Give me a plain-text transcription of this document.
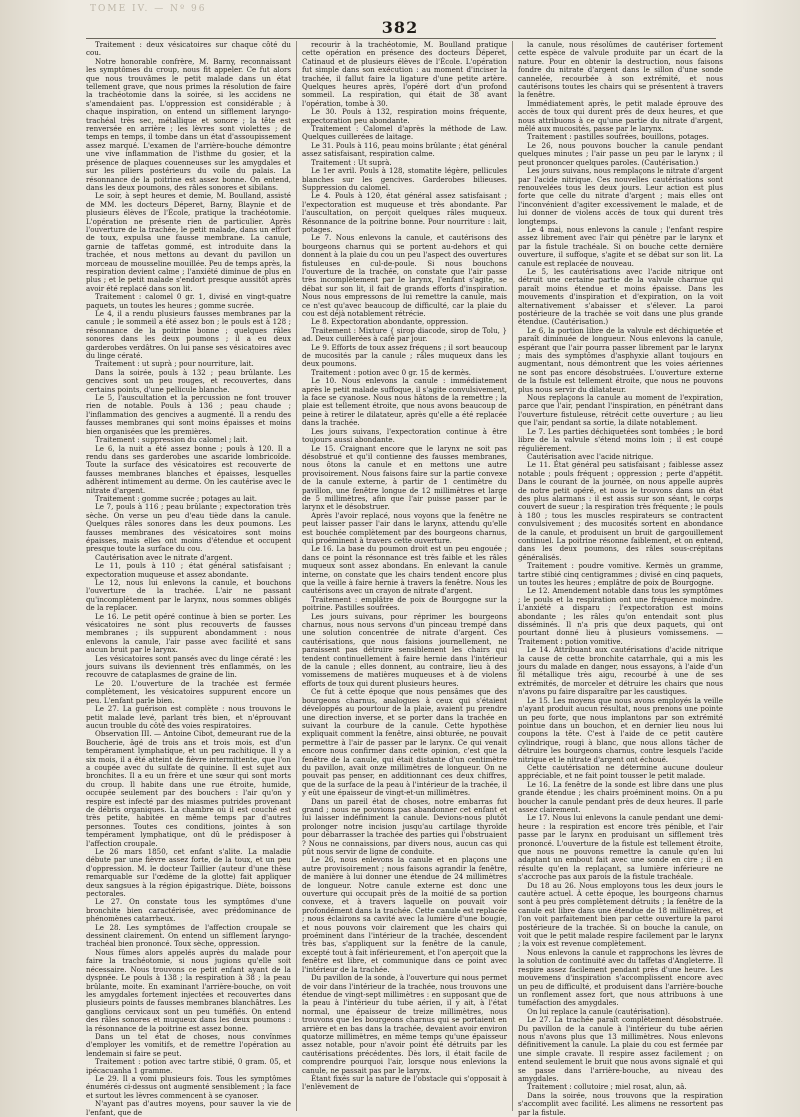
ТОМЕ ІV. — Nº 96
382

Traitement : deux vésicatoires sur chaque côté du cou.

Notre honorable confrère, M. Barny, reconnaissant les symptômes du croup, nous fit appeler. Ce fut alors que nous trouvâmes le petit malade dans un état tellement grave, que nous primes la résolution de faire la trachéotomie dans la soirée, si les accidens ne s'amendaient pas. L'oppression est considérable ; à chaque inspiration, on entend un sifflement laryngo-trachéal très sec, métallique et sonore ; la tête est renversée en arrière ; les lèvres sont violettes ; de temps en temps, il tombe dans un état d'assoupissement assez marqué. L'examen de l'arrière-bouche démontre une vive inflammation de l'isthme du gosier, et la présence de plaques couenneuses sur les amygdales et sur les piliers postérieurs du voile du palais. La résonnance de la poitrine est assez bonne. On entend, dans les deux poumons, des râles sonores et sibilans.

Le soir, à sept heures et demie, M. Boulland, assisté de MM. les docteurs Déperet, Barny, Blaynie et de plusieurs élèves de l'École, pratique la trachéotomie. L'opération ne présente rien de particulier. Après l'ouverture de la trachée, le petit malade, dans un effort de toux, expulsa une fausse membrane. La canule, garnie de taffetas gommé, est introduite dans la trachée, et nous mettons au devant du pavillon un morceau de mousseline mouillée. Peu de temps après, la respiration devient calme ; l'anxiété diminue de plus en plus ; et le petit malade s'endort presque aussitôt après avoir été replacé dans son lit.

Traitement : calomel 0 gr. 1, divisé en vingt-quatre paquets, un toutes les heures ; gomme sucrée.

Le 4, il a rendu plusieurs fausses membranes par la canule ; le sommeil a été assez bon ; le pouls est à 128 ; résonnance de la poitrine bonne ; quelques râles sonores dans les deux poumons ; il a eu deux garderobes verdâtres. On lui panse ses vésicatoires avec du linge cératé.

Traitement : ut suprà ; pour nourriture, lait.

Dans la soirée, pouls à 132 ; peau brûlante. Les gencives sont un peu rouges, et recouvertes, dans certains points, d'une pellicule blanche.

Le 5, l'auscultation et la percussion ne font trouver rien de notable. Pouls à 136 ; peau chaude ; l'inflammation des gencives a augmenté. Il a rendu des fausses membranes qui sont moins épaisses et moins bien organisées que les premières.

Traitement : suppression du calomel ; lait.

Le 6, la nuit a été assez bonne ; pouls à 120. Il a rendu dans ses garderobes une ascaride lombricoïde. Toute la surface des vésicatoires est recouverte de fausses membranes blanches et épaisses, lesquelles adhèrent intimement au derme. On les cautérise avec le nitrate d'argent.

Traitement : gomme sucrée ; potages au lait.

Le 7, pouls à 116 ; peau brûlante ; expectoration très sèche. On verse un peu d'eau tiède dans la canule. Quelques râles sonores dans les deux poumons. Les fausses membranes des vésicatoires sont moins épaisses, mais elles ont moins d'étendue et occupent presque toute la surface du cou.

Cautérisation avec le nitrate d'argent.

Le 11, pouls à 110 ; état général satisfaisant ; expectoration muqueuse et assez abondante.

Le 12, nous lui enlevons la canule, et bouchons l'ouverture de la trachée. L'air ne passant qu'incomplètement par le larynx, nous sommes obligés de la replacer.

Le 16. Le petit opéré continue à bien se porter. Les vésicatoires ne sont plus recouverts de fausses membranes ; ils suppurent abondamment : nous enlevons la canule, l'air passe avec facilité et sans aucun bruit par le larynx.

Les vésicatoires sont pansés avec du linge cératé : les jours suivans ils deviennent très enflammés, on les recouvre de cataplasmes de graine de lin.

Le 20. L'ouverture de la trachée est fermée complètement, les vésicatoires suppurent encore un peu. L'enfant parle bien.

Le 27. La guérison est complète : nous trouvons le petit malade levé, parlant très bien, et n'éprouvant aucun trouble du côté des voies respiratoires.

Observation III. — Antoine Cibot, demeurant rue de la Boucherie, âgé de trois ans et trois mois, est d'un tempérament lymphatique, et un peu rachitique. Il y a six mois, il a été atteint de fièvre intermittente, que l'on a coupée avec du sulfate de quinine. Il est sujet aux bronchites. Il a eu un frère et une sœur qui sont morts du croup. Il habite dans une rue étroite, humide, occupée seulement par des bouchers : l'air qu'on y respire est infecté par des miasmes putrides provenant de débris organiques. La chambre où il est couché est très petite, habitée en même temps par d'autres personnes. Toutes ces conditions, jointes à son tempérament lymphatique, ont dû le prédisposer à l'affection croupale.

Le 26 mars 1850, cet enfant s'alite. La maladie débute par une fièvre assez forte, de la toux, et un peu d'oppression. M. le docteur Taillier (auteur d'une thèse remarquable sur l'œdème de la glotte) fait appliquer deux sangsues à la région épigastrique. Diète, boissons pectorales.

Le 27. On constate tous les symptômes d'une bronchite bien caractérisée, avec prédominance de phénomènes catarrheux.

Le 28. Les symptômes de l'affection croupale se dessinent clairement. On entend un sifflement laryngo-trachéal bien prononcé. Toux sèche, oppression.

Nous fûmes alors appelés auprès du malade pour faire la trachéotomie, si nous jugions qu'elle soit nécessaire. Nous trouvons ce petit enfant ayant de la dyspnée. Le pouls à 138 ; la respiration à 38 ; la peau brûlante, moite. En examinant l'arrière-bouche, on voit les amygdales fortement injectées et recouvertes dans plusieurs points de fausses membranes blanchâtres. Les ganglions cervicaux sont un peu tuméfiés. On entend des râles sonores et muqueux dans les deux poumons : la résonnance de la poitrine est assez bonne.

Dans un tel état de choses, nous convînmes d'employer les vomitifs, et de remettre l'opération au lendemain si faire se peut.

Traitement : potion avec tartre stibié, 0 gram. 05, et ipécacuanha 1 gramme.

Le 29. Il a vomi plusieurs fois. Tous les symptômes énumérés ci-dessus ont augmenté sensiblement ; la face et surtout les lèvres commencent à se cyanoser.

N'ayant pas d'autres moyens, pour sauver la vie de l'enfant, que de

recourir à la trachéotomie, M. Boulland pratique cette opération en présence des docteurs Déperet, Catinaud et de plusieurs élèves de l'École. L'opération fut simple dans son exécution : au moment d'inciser la trachée, il fallut faire la ligature d'une petite artère. Quelques heures après, l'opéré dort d'un profond sommeil. La respiration, qui était de 38 avant l'opération, tombe à 30.

Le 30. Pouls à 132, respiration moins fréquente, expectoration peu abondante.

Traitement : Calomel d'après la méthode de Law. Quelques cuillerées de laitage.

Le 31. Pouls à 116, peau moins brûlante ; état général assez satisfaisant, respiration calme.

Traitement : Ut suprà.

Le 1er avril. Pouls à 128, stomatite légère, pellicules blanches sur les gencives. Garderobes bilieuses. Suppression du calomel.

Le 4. Pouls à 120, état général assez satisfaisant ; l'expectoration est muqueuse et très abondante. Par l'auscultation, on perçoit quelques râles muqueux. Résonnance de la poitrine bonne. Pour nourriture : lait, potages.

Le 7. Nous enlevons la canule, et cautérisons des bourgeons charnus qui se portent au-dehors et qui donnent à la plaie du cou un peu l'aspect des ouvertures fistuleuses en cul-de-poule. Si nous bouchons l'ouverture de la trachée, on constate que l'air passe très incomplètement par le larynx, l'enfant s'agite, se débat sur son lit, il fait de grands efforts d'inspiration. Nous nous empressons de lui remettre la canule, mais ce n'est qu'avec beaucoup de difficulté, car la plaie du cou est déjà notablement rétrécie.

Le 8. Expectoration abondante, oppression.

Traitement : Mixture { sirop diacode, sirop de Tolu, } ad. Deux cuillerées à café par jour.

Le 9. Efforts de toux assez fréquens ; il sort beaucoup de mucosités par la canule ; râles muqueux dans les deux poumons.

Traitement : potion avec 0 gr. 15 de kermès.

Le 10. Nous enlevons la canule : immédiatement après le petit malade suffoque, il s'agite convulsivement, la face se cyanose. Nous nous hâtons de la remettre ; la plaie est tellement étroite, que nous avons beaucoup de peine à retirer le dilatateur, après qu'elle a été replacée dans la trachée.

Les jours suivans, l'expectoration continue à être toujours aussi abondante.

Le 15. Craignant encore que le larynx ne soit pas désobstrué et qu'il contienne des fausses membranes, nous ôtons la canule et en mettons une autre provisoirement. Nous faisons faire sur la partie convexe de la canule externe, à partir de 1 centimètre du pavillon, une fenêtre longue de 12 millimètres et large de 5 millimètres, afin que l'air puisse passer par le larynx et le désobstruer.

Après l'avoir replacé, nous voyons que la fenêtre ne peut laisser passer l'air dans le larynx, attendu qu'elle est bouchée complètement par des bourgeons charnus, qui proéminent à travers cette ouverture.

Le 16. La base du poumon droit est un peu engouée ; dans ce point la résonnance est très faible et les râles muqueux sont assez abondans. En enlevant la canule interne, on constate que les chairs tendent encore plus que la veille à faire hernie à travers la fenêtre. Nous les cautérisons avec un crayon de nitrate d'argent.

Traitement : emplâtre de poix de Bourgogne sur la poitrine. Pastilles soufrées.

Les jours suivans, pour réprimer les bourgeons charnus, nous nous servons d'un pinceau trempé dans une solution concentrée de nitrate d'argent. Ces cautérisations, que nous faisions journellement, ne paraissent pas détruire sensiblement les chairs qui tendent continuellement à faire hernie dans l'intérieur de la canule ; elles donnent, au contraire, lieu à des vomissemens de matières muqueuses et à de violens efforts de toux qui durent plusieurs heures.

Ce fut à cette époque que nous pensâmes que des bourgeons charnus, analogues à ceux qui s'étaient développés au pourtour de la plaie, avaient pu prendre une direction inverse, et se porter dans la trachée en suivant la courbure de la canule. Cette hypothèse expliquait comment la fenêtre, ainsi obturée, ne pouvait permettre à l'air de passer par le larynx. Ce qui venait encore nous confirmer dans cette opinion, c'est que la fenêtre de la canule, qui était distante d'un centimètre du pavillon, avait onze millimètres de longueur. On ne pouvait pas penser, en additionnant ces deux chiffres, que de la surface de la peau à l'intérieur de la trachée, il y eût une épaisseur de vingt-et-un millimètres.

Dans un pareil état de choses, notre embarras fut grand ; nous ne pouvions pas abandonner cet enfant et lui laisser indéfiniment la canule. Devions-nous plutôt prolonger notre incision jusqu'au cartilage thyroïde pour débarrasser la trachée des parties qui l'obstruaient ? Nous ne connaissions, par divers nous, aucun cas qui pût nous servir de ligne de conduite.

Le 26, nous enlevons la canule et en plaçons une autre provisoirement ; nous faisons agrandir la fenêtre, de manière à lui donner une étendue de 24 millimètres de longueur. Notre canule externe est donc une ouverture qui occupait près de la moitié de sa portion convexe, et à travers laquelle on pouvait voir profondément dans la trachée. Cette canule est replacée ; nous éclairons sa cavité avec la lumière d'une bougie, et nous pouvons voir clairement que les chairs qui proéminent dans l'intérieur de la trachée, descendent très bas, s'appliquent sur la fenêtre de la canule, excepté tout à fait inférieurement, et l'on aperçoit que la fenêtre est libre, et communique dans ce point avec l'intérieur de la trachée.

Du pavillon de la sonde, à l'ouverture qui nous permet de voir dans l'intérieur de la trachée, nous trouvons une étendue de vingt-sept millimètres : en supposant que de la peau à l'intérieur du tube aérien, il y ait, à l'état normal, une épaisseur de treize millimètres, nous trouvons que les bourgeons charnus qui se portaient en arrière et en bas dans la trachée, devaient avoir environ quatorze millimètres, en même temps qu'une épaisseur assez notable, pour n'avoir point été détruits par les cautérisations précédentes. Dès lors, il était facile de comprendre pourquoi l'air, lorsque nous enlevions la canule, ne passait pas par le larynx.

Étant fixés sur la nature de l'obstacle qui s'opposait à l'enlèvement de

la canule, nous résolûmes de cautériser fortement cette espèce de valvule produite par un écart de la nature. Pour en obtenir la destruction, nous faisons fondre du nitrate d'argent dans le sillon d'une sonde cannelée, recourbée à son extrémité, et nous cautérisons toutes les chairs qui se présentent à travers la fenêtre.

Immédiatement après, le petit malade éprouve des accès de toux qui durent près de deux heures, et que nous attribuons à ce qu'une partie du nitrate d'argent, mêlé aux mucosités, passe par le larynx.

Traitement : pastilles soufrées, bouillons, potages.

Le 26, nous pouvons boucher la canule pendant quelques minutes ; l'air passe un peu par le larynx ; il peut prononcer quelques paroles. (Cautérisation.)

Les jours suivans, nous remplaçons le nitrate d'argent par l'acide nitrique. Ces nouvelles cautérisations sont renouvelées tous les deux jours. Leur action est plus forte que celle du nitrate d'argent ; mais elles ont l'inconvénient d'agiter excessivement le malade, et de lui donner de violens accès de toux qui durent très longtemps.

Le 4 mai, nous enlevons la canule ; l'enfant respire assez librement avec l'air qui pénètre par le larynx et par la fistule trachéale. Si on bouche cette dernière ouverture, il suffoque, s'agite et se débat sur son lit. La canule est replacée de nouveau.

Le 5, les cautérisations avec l'acide nitrique ont détruit une certaine partie de la valvule charnue qui paraît moins étendue et moins épaisse. Dans les mouvements d'inspiration et d'expiration, on la voit alternativement s'abaisser et s'élever. La paroi postérieure de la trachée se voit dans une plus grande étendue. (Cautérisation.)

Le 6, la portion libre de la valvule est déchiquetée et paraît diminuée de longueur. Nous enlevons la canule, espérant que l'air pourra passer librement par le larynx ; mais des symptômes d'asphyxie allant toujours en augmentant, nous démontrent que les voies aériennes ne sont pas encore désobstruées. L'ouverture externe de la fistule est tellement étroite, que nous ne pouvons plus nous servir du dilatateur.

Nous replaçons la canule au moment de l'expiration, parce que l'air, pendant l'inspiration, en pénétrant dans l'ouverture fistuleuse, rétrécit cette ouverture ; au lieu que l'air, pendant sa sortie, la dilate notablement.

Le 7. Les parties déchiquetées sont tombées ; le bord libre de la valvule s'étend moins loin ; il est coupé régulièrement.

Cautérisation avec l'acide nitrique.

Le 11. État général peu satisfaisant ; faiblesse assez notable ; pouls fréquent ; oppression ; perte d'appétit. Dans le courant de la journée, on nous appelle auprès de notre petit opéré, et nous le trouvons dans un état des plus alarmans : il est assis sur son séant, le corps couvert de sueur ; la respiration très fréquente ; le pouls à 180 ; tous les muscles respirateurs se contractent convulsivement ; des mucosités sortent en abondance de la canule, et produisent un bruit de gargouillement continuel. La poitrine résonne faiblement, et on entend, dans les deux poumons, des râles sous-crépitans généralisés.

Traitement : poudre vomitive. Kermès un gramme, tartre stibié cinq centigrammes ; divisé en cinq paquets, un toutes les heures ; emplâtre de poix de Bourgogne.

Le 12. Amendement notable dans tous les symptômes ; le pouls et la respiration ont une fréquence moindre. L'anxiété a disparu ; l'expectoration est moins abondante ; les râles qu'on entendait sont plus disséminés. Il n'a pris que deux paquets, qui ont pourtant donné lieu à plusieurs vomissemens. — Traitement : potion vomitive.

Le 14. Attribuant aux cautérisations d'acide nitrique la cause de cette bronchite catarrhale, qui a mis les jours du malade en danger, nous essayons, à l'aide d'un fil métallique très aigu, recourbé à une de ses extrémités, de morceler et détruire les chairs que nous n'avons pu faire disparaître par les caustiques.

Le 15. Les moyens que nous avons employés la veille n'ayant produit aucun résultat, nous prenons une pointe un peu forte, que nous implantons par son extrémité pointue dans un bouchon, et en dernier lieu nous lui coupons la tête. C'est à l'aide de ce petit cautère cylindrique, rougi à blanc, que nous allons tâcher de détruire les bourgeons charnus, contre lesquels l'acide nitrique et le nitrate d'argent ont échoué.

Cette cautérisation ne détermine aucune douleur appréciable, et ne fait point tousser le petit malade.

Le 16. La fenêtre de la sonde est libre dans une plus grande étendue ; les chairs proéminent moins. On a pu boucher la canule pendant près de deux heures. Il parle assez clairement.

Le 17. Nous lui enlevons la canule pendant une demi-heure : la respiration est encore très pénible, et l'air passe par le larynx en produisant un sifflement très prononcé. L'ouverture de la fistule est tellement étroite, que nous ne pouvons remettre la canule qu'en lui adaptant un embout fait avec une sonde en cire ; il en résulte qu'en la replaçant, sa lumière inférieure ne s'accroche pas aux parois de la fistule trachéale.

Du 18 au 26. Nous employons tous les deux jours le cautère actuel. À cette époque, les bourgeons charnus sont à peu près complètement détruits ; la fenêtre de la canule est libre dans une étendue de 18 millimètres, et l'on voit parfaitement bien par cette ouverture la paroi postérieure de la trachée. Si on bouche la canule, on voit que le petit malade respire facilement par le larynx ; la voix est revenue complètement.

Nous enlevons la canule et rapprochons les lèvres de la solution de continuité avec du taffetas d'Angleterre. Il respire assez facilement pendant près d'une heure. Les mouvemens d'inspiration s'accomplissent encore avec un peu de difficulté, et produisent dans l'arrière-bouche un ronflement assez fort, que nous attribuons à une tuméfaction des amygdales.

On lui replace la canule (cautérisation).

Le 27. La trachée paraît complètement désobstruée. Du pavillon de la canule à l'intérieur du tube aérien nous n'avons plus que 13 millimètres. Nous enlevons définitivement la canule. La plaie du cou est fermée par une simple cravate. Il respire assez facilement ; on entend seulement le bruit que nous avons signalé et qui se passe dans l'arrière-bouche, au niveau des amygdales.

Traitement : collutoire ; miel rosat, alun, aâ.

Dans la soirée, nous trouvons que la respiration s'accomplit avec facilité. Les alimens ne ressortent pas par la fistule.
